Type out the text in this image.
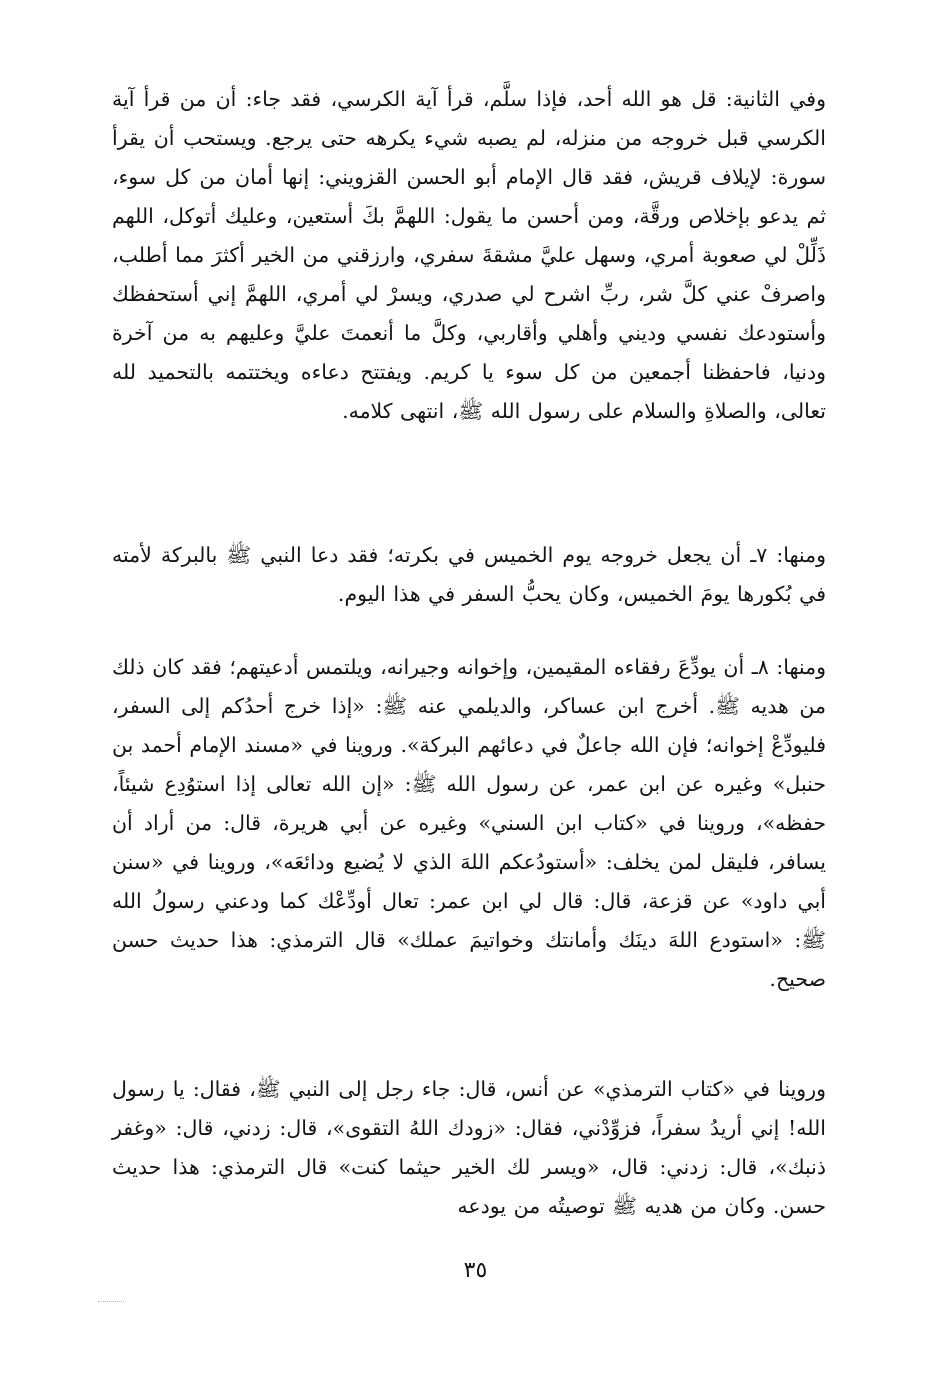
وفي الثانية: قل هو الله أحد، فإذا سلَّم، قرأ آية الكرسي، فقد جاء: أن من قرأ آية الكرسي قبل خروجه من منزله، لم يصبه شيء يكرهه حتى يرجع. ويستحب أن يقرأ سورة: لإيلاف قريش، فقد قال الإمام أبو الحسن القزويني: إنها أمان من كل سوء، ثم يدعو بإخلاص ورقَّة، ومن أحسن ما يقول: اللهمَّ بكَ أستعين، وعليك أتوكل، اللهم ذَلِّلْ لي صعوبة أمري، وسهل عليَّ مشقةَ سفري، وارزقني من الخير أكثرَ مما أطلب، واصرفْ عني كلَّ شر، ربِّ اشرح لي صدري، ويسرْ لي أمري، اللهمَّ إني أستحفظك وأستودعك نفسي وديني وأهلي وأقاربي، وكلَّ ما أنعمتَ عليَّ وعليهم به من آخرة ودنيا، فاحفظنا أجمعين من كل سوء يا كريم. ويفتتح دعاءه ويختتمه بالتحميد لله تعالى، والصلاةِ والسلام على رسول الله ﷺ، انتهى كلامه.

ومنها: ٧ـ أن يجعل خروجه يوم الخميس في بكرته؛ فقد دعا النبي ﷺ بالبركة لأمته في بُكورها يومَ الخميس، وكان يحبُّ السفر في هذا اليوم.

ومنها: ٨ـ أن يودِّعَ رفقاءه المقيمين، وإخوانه وجيرانه، ويلتمس أدعيتهم؛ فقد كان ذلك من هديه ﷺ. أخرج ابن عساكر، والديلمي عنه ﷺ: «إذا خرج أحدُكم إلى السفر، فليودِّعْ إخوانه؛ فإن الله جاعلٌ في دعائهم البركة». وروينا في «مسند الإمام أحمد بن حنبل» وغيره عن ابن عمر، عن رسول الله ﷺ: «إن الله تعالى إذا استوُدِع شيئاً، حفظه»، وروينا في «كتاب ابن السني» وغيره عن أبي هريرة، قال: من أراد أن يسافر، فليقل لمن يخلف: «أستودُعكم اللهَ الذي لا يُضيع ودائعَه»، وروينا في «سنن أبي داود» عن قزعة، قال: قال لي ابن عمر: تعال أودِّعْك كما ودعني رسولُ الله ﷺ: «استودع اللهَ دينَك وأمانتك وخواتيمَ عملك» قال الترمذي: هذا حديث حسن صحيح.

وروينا في «كتاب الترمذي» عن أنس، قال: جاء رجل إلى النبي ﷺ، فقال: يا رسول الله! إني أريدُ سفراً، فزوِّدْني، فقال: «زودك اللهُ التقوى»، قال: زدني، قال: «وغفر ذنبك»، قال: زدني: قال، «ويسر لك الخير حيثما كنت» قال الترمذي: هذا حديث حسن. وكان من هديه ﷺ توصيتُه من يودعه

٣٥
